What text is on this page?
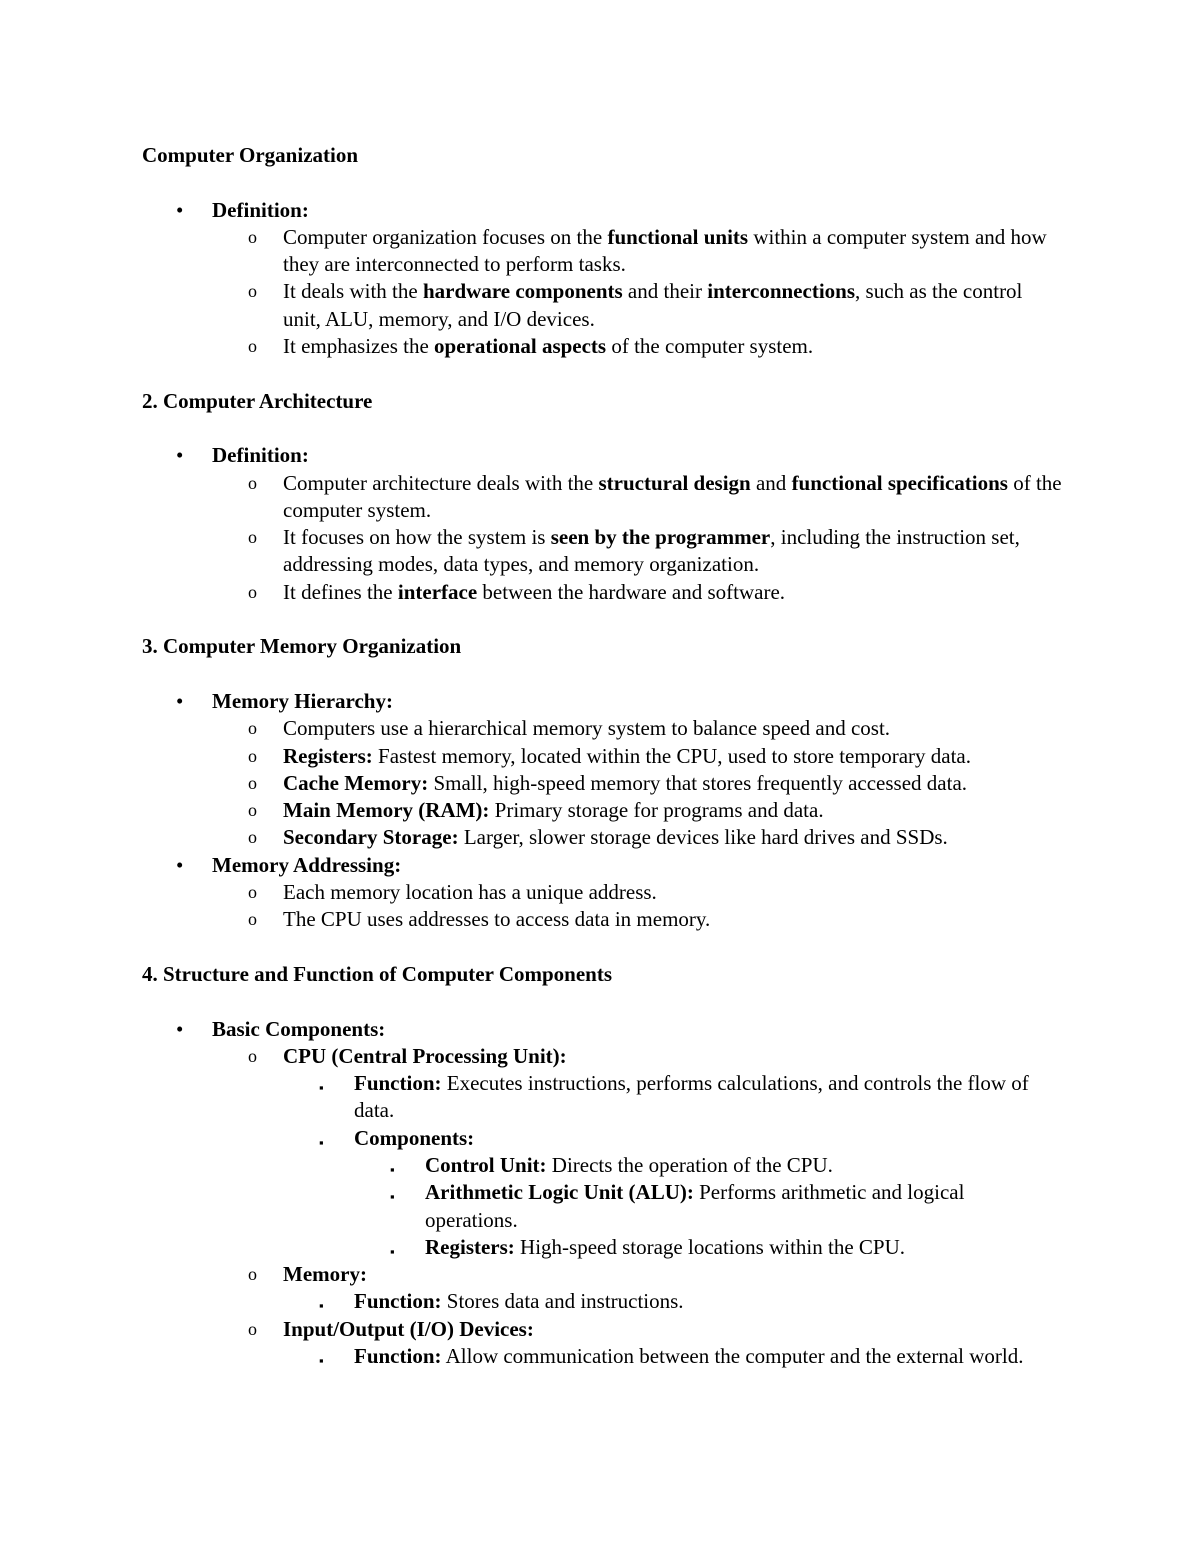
Computer Organization

• Definition:
o Computer organization focuses on the functional units within a computer system and how they are interconnected to perform tasks.
o It deals with the hardware components and their interconnections, such as the control unit, ALU, memory, and I/O devices.
o It emphasizes the operational aspects of the computer system.

2. Computer Architecture

• Definition:
o Computer architecture deals with the structural design and functional specifications of the computer system.
o It focuses on how the system is seen by the programmer, including the instruction set, addressing modes, data types, and memory organization.
o It defines the interface between the hardware and software.

3. Computer Memory Organization

• Memory Hierarchy:
o Computers use a hierarchical memory system to balance speed and cost.
o Registers: Fastest memory, located within the CPU, used to store temporary data.
o Cache Memory: Small, high-speed memory that stores frequently accessed data.
o Main Memory (RAM): Primary storage for programs and data.
o Secondary Storage: Larger, slower storage devices like hard drives and SSDs.
• Memory Addressing:
o Each memory location has a unique address.
o The CPU uses addresses to access data in memory.

4. Structure and Function of Computer Components

• Basic Components:
o CPU (Central Processing Unit):
▪ Function: Executes instructions, performs calculations, and controls the flow of data.
▪ Components:
▪ Control Unit: Directs the operation of the CPU.
▪ Arithmetic Logic Unit (ALU): Performs arithmetic and logical operations.
▪ Registers: High-speed storage locations within the CPU.
o Memory:
▪ Function: Stores data and instructions.
o Input/Output (I/O) Devices:
▪ Function: Allow communication between the computer and the external world.
